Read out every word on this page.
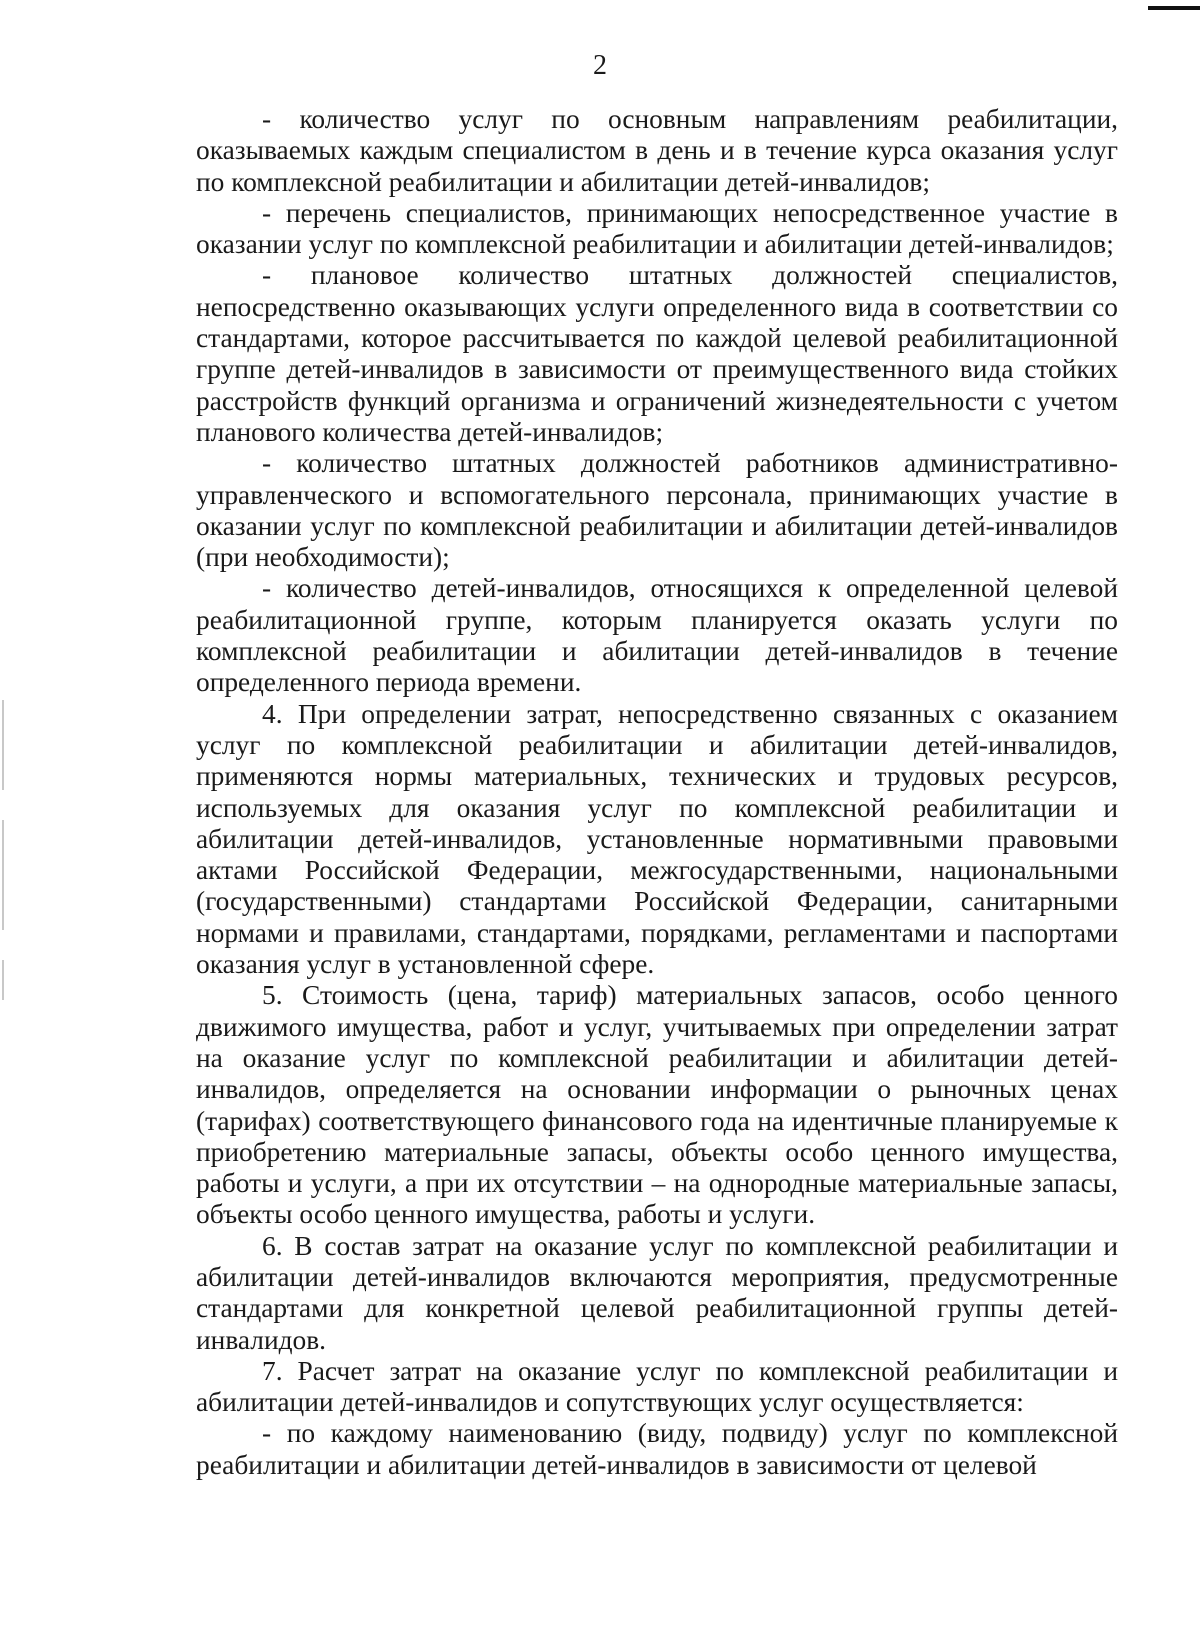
2

- количество услуг по основным направлениям реабилитации, оказываемых каждым специалистом в день и в течение курса оказания услуг по комплексной реабилитации и абилитации детей-инвалидов;

- перечень специалистов, принимающих непосредственное участие в оказании услуг по комплексной реабилитации и абилитации детей-инвалидов;

- плановое количество штатных должностей специалистов, непосредственно оказывающих услуги определенного вида в соответствии со стандартами, которое рассчитывается по каждой целевой реабилитационной группе детей-инвалидов в зависимости от преимущественного вида стойких расстройств функций организма и ограничений жизнедеятельности с учетом планового количества детей-инвалидов;

- количество штатных должностей работников административно-управленческого и вспомогательного персонала, принимающих участие в оказании услуг по комплексной реабилитации и абилитации детей-инвалидов (при необходимости);

- количество детей-инвалидов, относящихся к определенной целевой реабилитационной группе, которым планируется оказать услуги по комплексной реабилитации и абилитации детей-инвалидов в течение определенного периода времени.

4. При определении затрат, непосредственно связанных с оказанием услуг по комплексной реабилитации и абилитации детей-инвалидов, применяются нормы материальных, технических и трудовых ресурсов, используемых для оказания услуг по комплексной реабилитации и абилитации детей-инвалидов, установленные нормативными правовыми актами Российской Федерации, межгосударственными, национальными (государственными) стандартами Российской Федерации, санитарными нормами и правилами, стандартами, порядками, регламентами и паспортами оказания услуг в установленной сфере.

5. Стоимость (цена, тариф) материальных запасов, особо ценного движимого имущества, работ и услуг, учитываемых при определении затрат на оказание услуг по комплексной реабилитации и абилитации детей-инвалидов, определяется на основании информации о рыночных ценах (тарифах) соответствующего финансового года на идентичные планируемые к приобретению материальные запасы, объекты особо ценного имущества, работы и услуги, а при их отсутствии – на однородные материальные запасы, объекты особо ценного имущества, работы и услуги.

6. В состав затрат на оказание услуг по комплексной реабилитации и абилитации детей-инвалидов включаются мероприятия, предусмотренные стандартами для конкретной целевой реабилитационной группы детей-инвалидов.

7. Расчет затрат на оказание услуг по комплексной реабилитации и абилитации детей-инвалидов и сопутствующих услуг осуществляется:

- по каждому наименованию (виду, подвиду) услуг по комплексной реабилитации и абилитации детей-инвалидов в зависимости от целевой
